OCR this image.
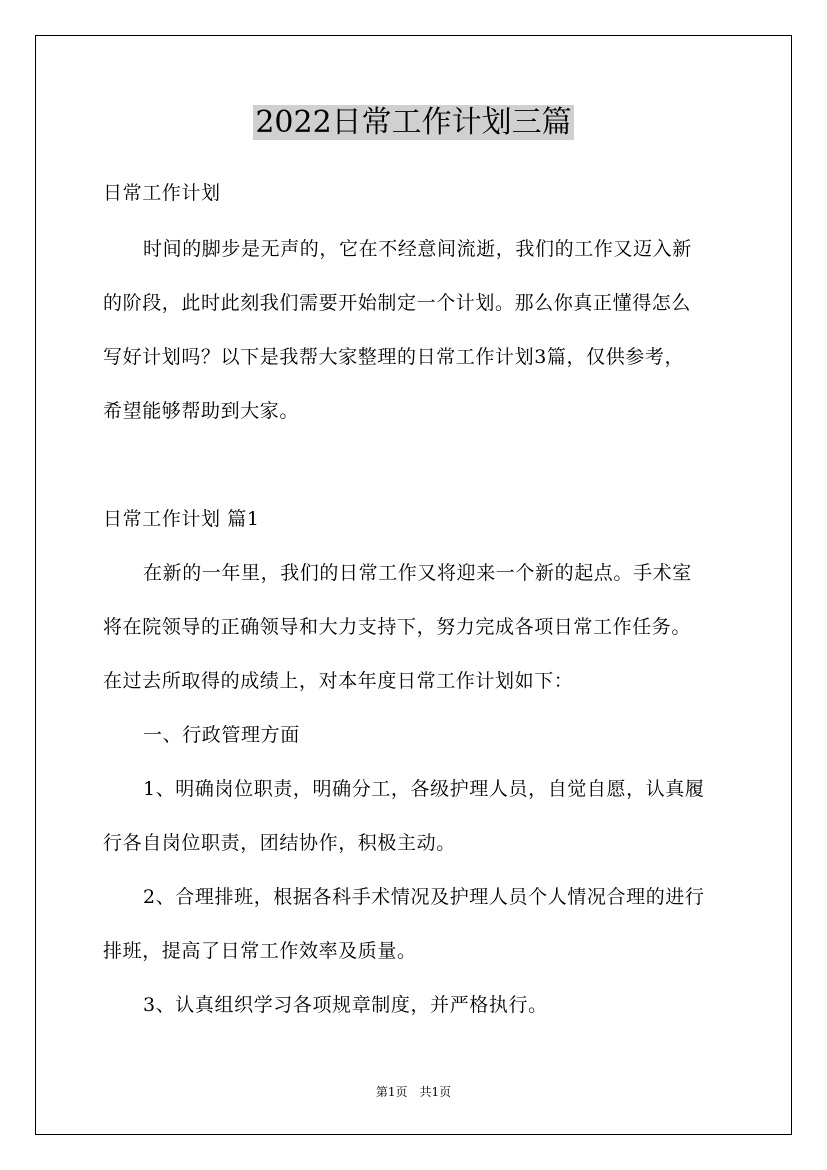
2022日常工作计划三篇
日常工作计划
时间的脚步是无声的，它在不经意间流逝，我们的工作又迈入新
的阶段，此时此刻我们需要开始制定一个计划。那么你真正懂得怎么
写好计划吗？以下是我帮大家整理的日常工作计划3篇，仅供参考，
希望能够帮助到大家。
日常工作计划 篇1
在新的一年里，我们的日常工作又将迎来一个新的起点。手术室
将在院领导的正确领导和大力支持下，努力完成各项日常工作任务。
在过去所取得的成绩上，对本年度日常工作计划如下：
一、行政管理方面
1、明确岗位职责，明确分工，各级护理人员，自觉自愿，认真履
行各自岗位职责，团结协作，积极主动。
2、合理排班，根据各科手术情况及护理人员个人情况合理的进行
排班，提高了日常工作效率及质量。
3、认真组织学习各项规章制度，并严格执行。
第1页　共1页
